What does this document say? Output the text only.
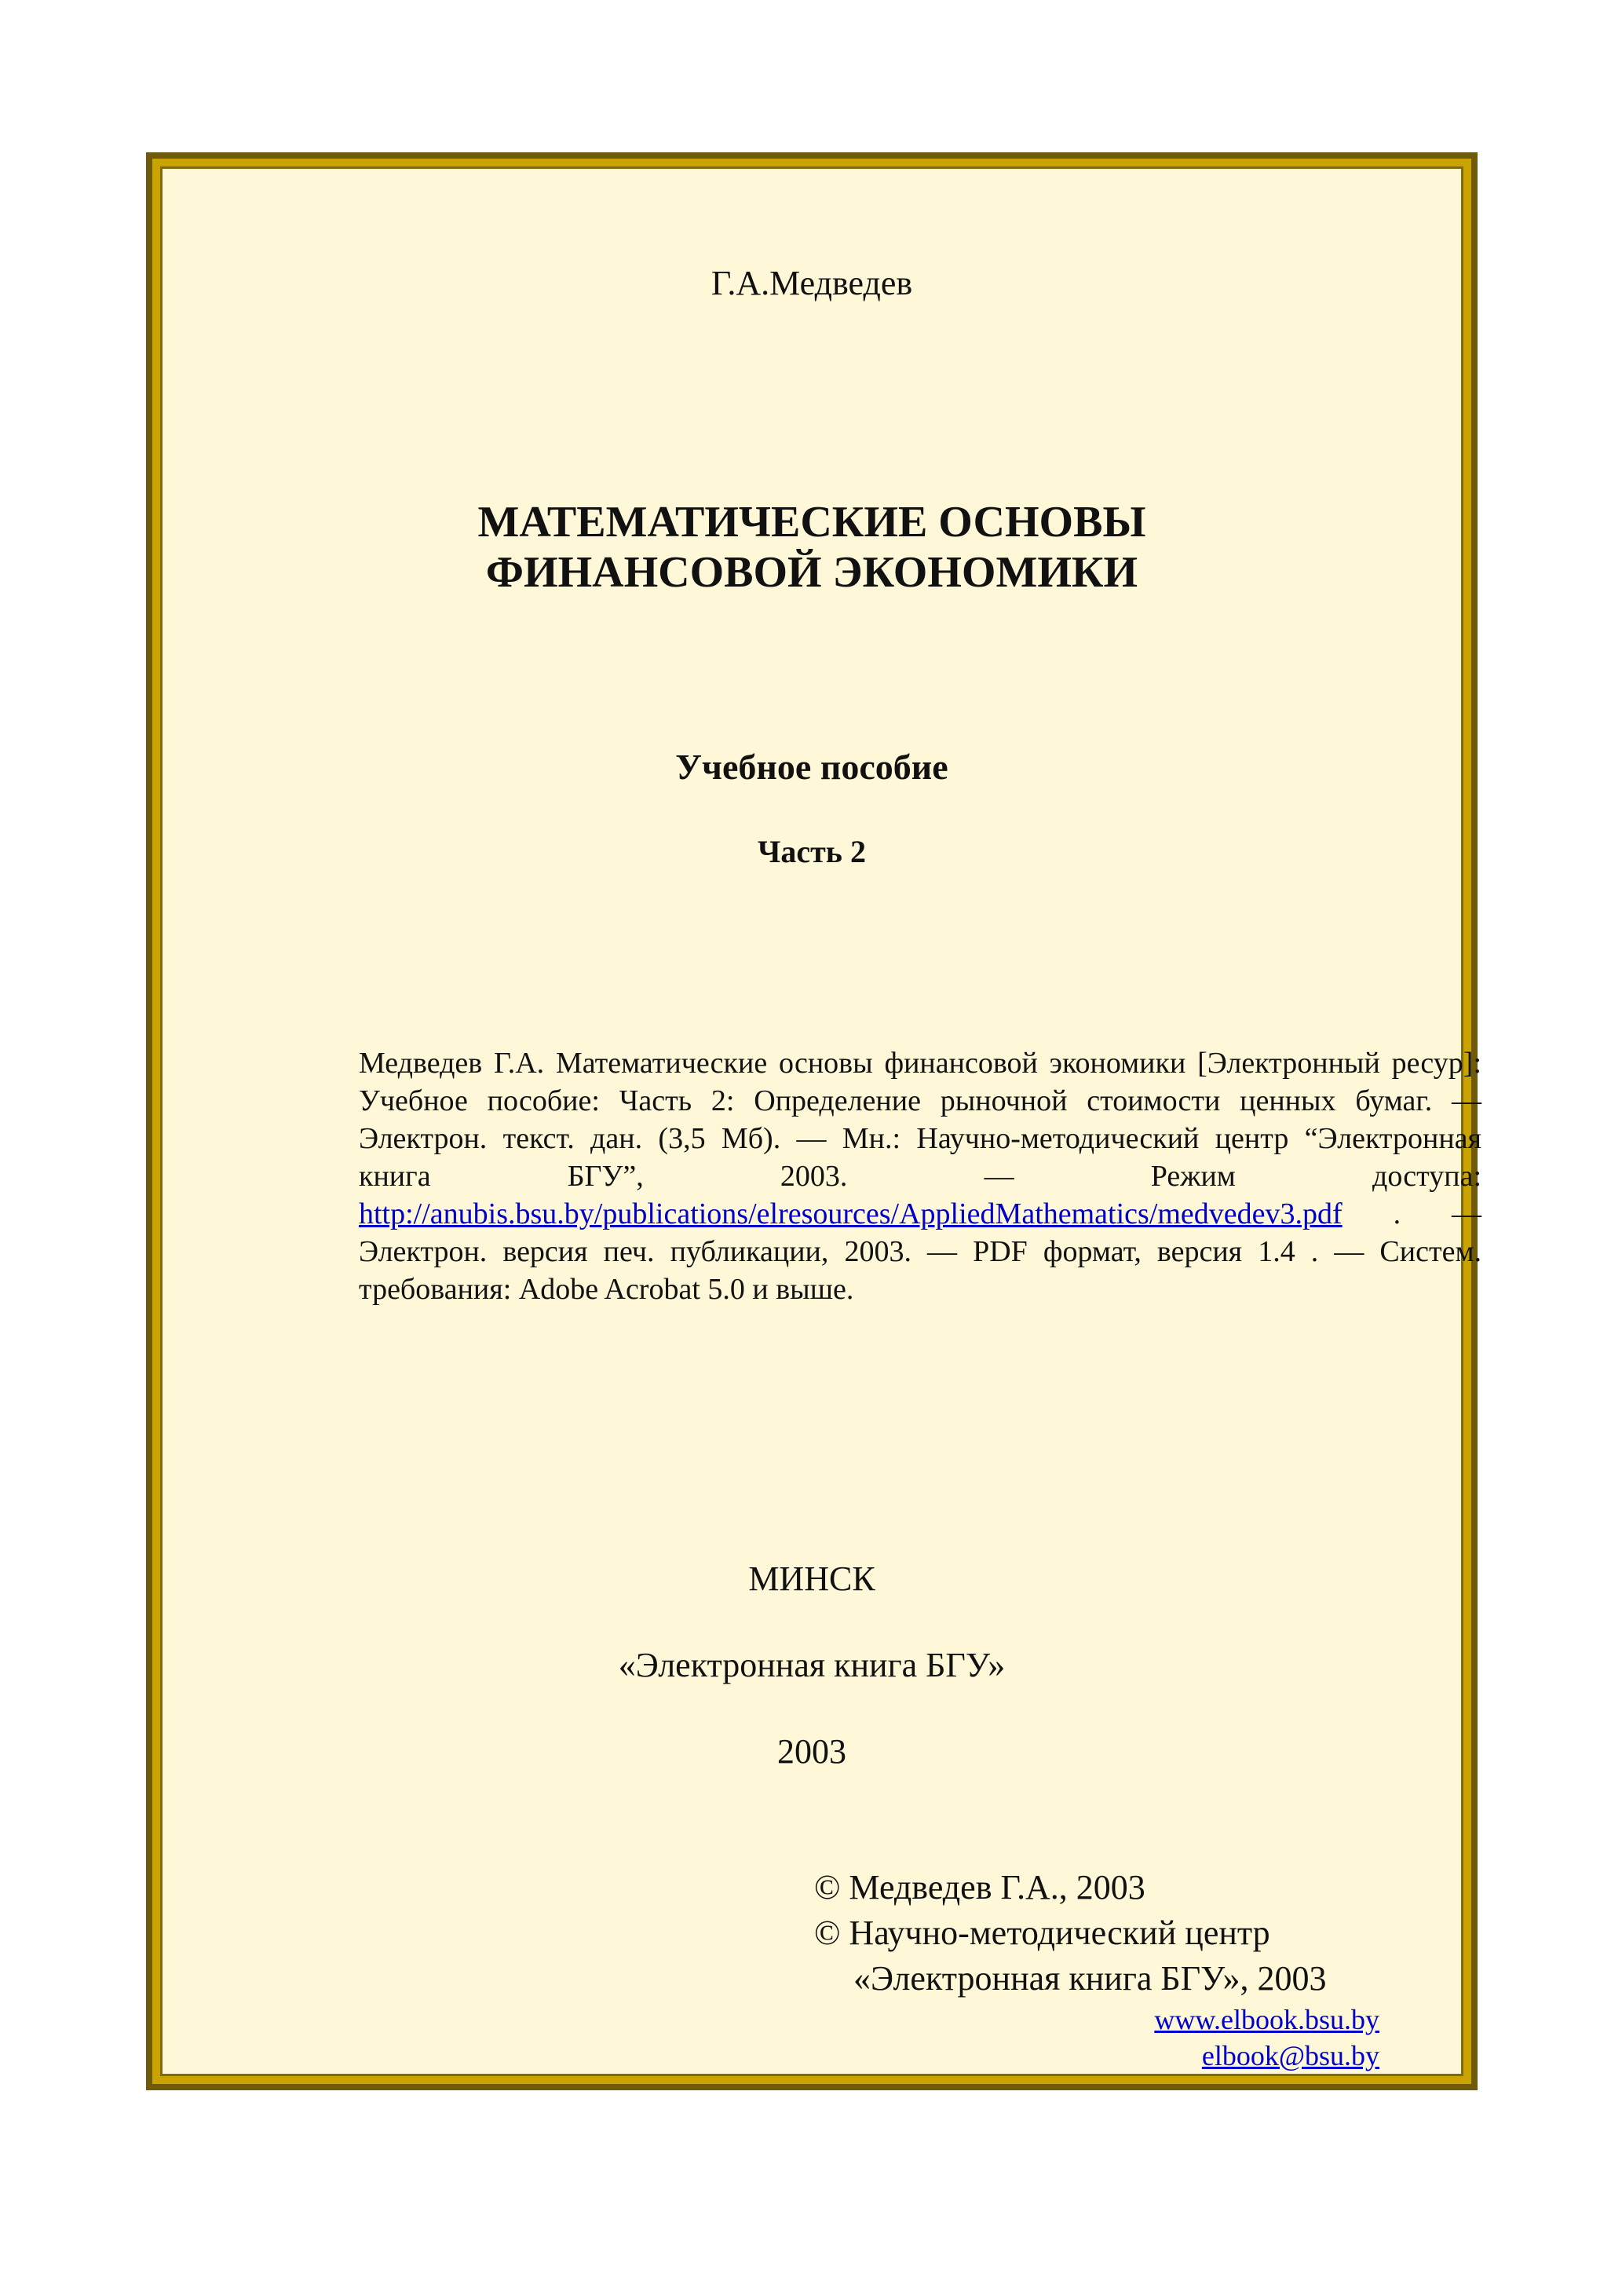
Г.А.Медведев
МАТЕМАТИЧЕСКИЕ ОСНОВЫ
ФИНАНСОВОЙ ЭКОНОМИКИ
Учебное пособие
Часть 2
Медведев Г.А. Математические основы финансовой экономики [Электронный ресур]: Учебное пособие: Часть 2: Определение рыночной стоимости ценных бумаг. — Электрон. текст. дан. (3,5 Мб). — Мн.: Научно-методический центр “Электронная книга БГУ”, 2003. — Режим доступа: http://anubis.bsu.by/publications/elresources/AppliedMathematics/medvedev3.pdf . — Электрон. версия печ. публикации, 2003. — PDF формат, версия 1.4 . — Систем. требования: Adobe Acrobat 5.0 и выше.
МИНСК
«Электронная книга БГУ»
2003
© Медведев Г.А., 2003
© Научно-методический центр
«Электронная книга БГУ», 2003
www.elbook.bsu.by
elbook@bsu.by
